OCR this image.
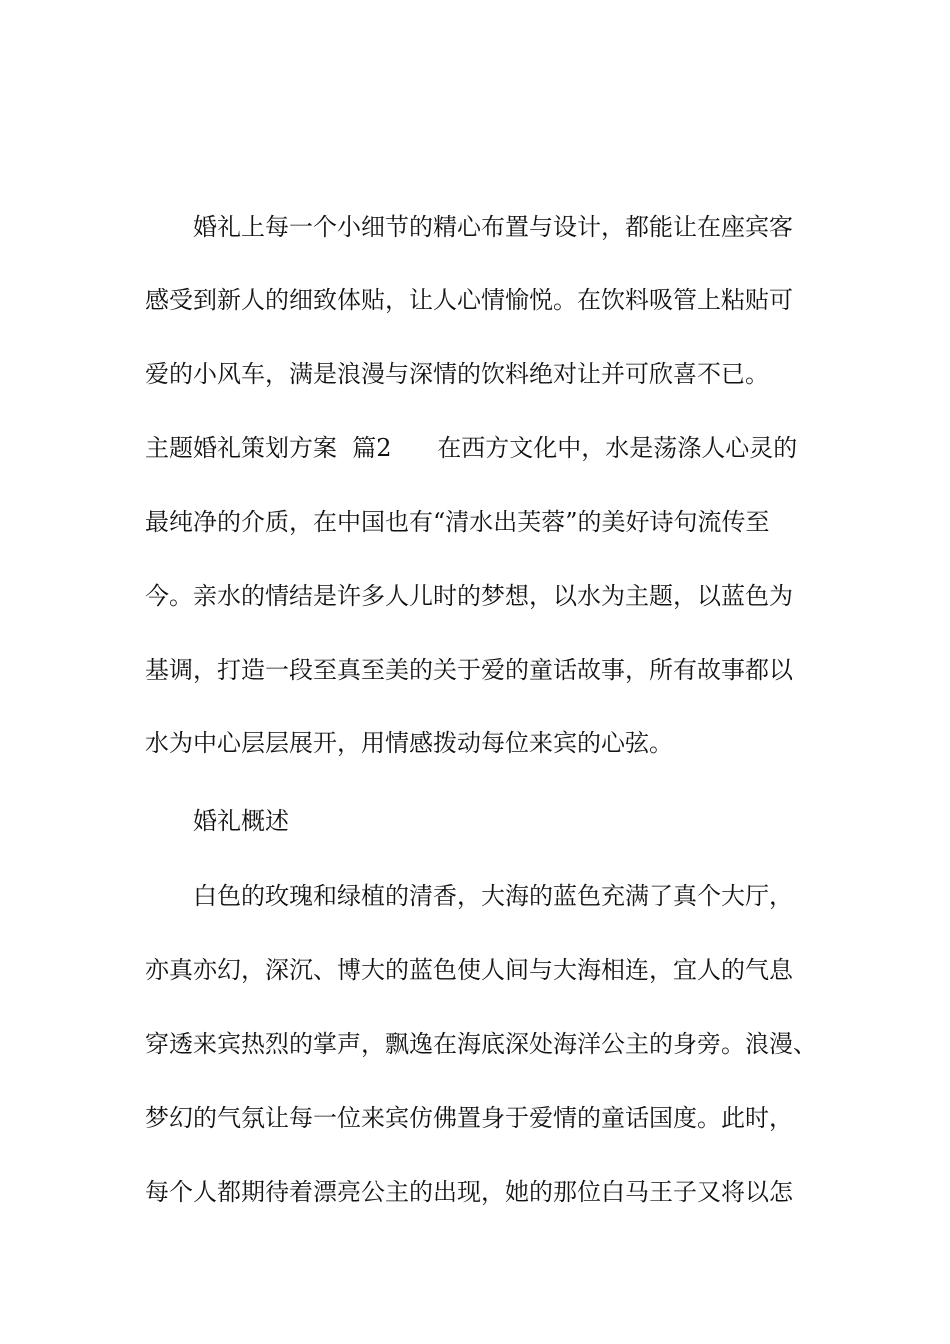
婚礼上每一个小细节的精心布置与设计，都能让在座宾客
感受到新人的细致体贴，让人心情愉悦。在饮料吸管上粘贴可
爱的小风车，满是浪漫与深情的饮料绝对让并可欣喜不已。
主题婚礼策划方案  篇2      在西方文化中，水是荡涤人心灵的
最纯净的介质，在中国也有“清水出芙蓉”的美好诗句流传至
今。亲水的情结是许多人儿时的梦想，以水为主题，以蓝色为
基调，打造一段至真至美的关于爱的童话故事，所有故事都以
水为中心层层展开，用情感拨动每位来宾的心弦。
婚礼概述
白色的玫瑰和绿植的清香，大海的蓝色充满了真个大厅，
亦真亦幻，深沉、博大的蓝色使人间与大海相连，宜人的气息
穿透来宾热烈的掌声，飘逸在海底深处海洋公主的身旁。浪漫、
梦幻的气氛让每一位来宾仿佛置身于爱情的童话国度。此时，
每个人都期待着漂亮公主的出现，她的那位白马王子又将以怎
